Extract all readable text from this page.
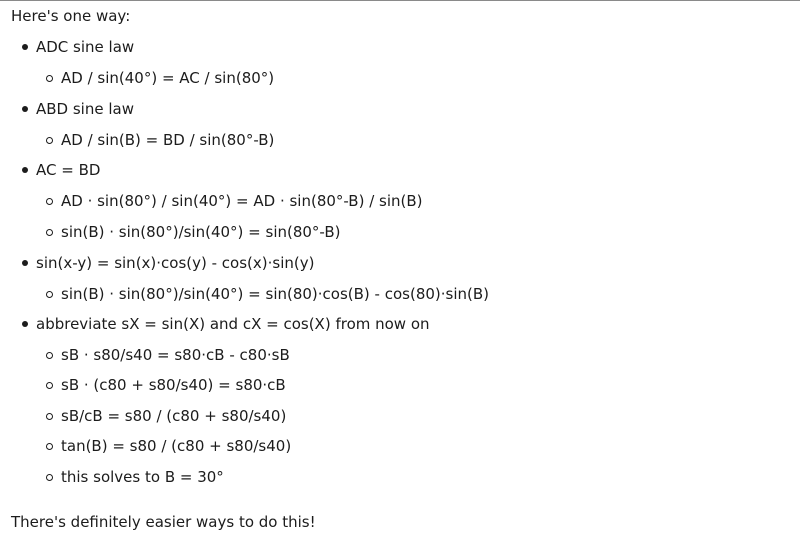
Here's one way:
ADC sine law
AD / sin(40°) = AC / sin(80°)
ABD sine law
AD / sin(B) = BD / sin(80°-B)
AC = BD
AD · sin(80°) / sin(40°) = AD · sin(80°-B) / sin(B)
sin(B) · sin(80°)/sin(40°) = sin(80°-B)
sin(x-y) = sin(x)·cos(y) - cos(x)·sin(y)
sin(B) · sin(80°)/sin(40°) = sin(80)·cos(B) - cos(80)·sin(B)
abbreviate sX = sin(X) and cX = cos(X) from now on
sB · s80/s40 = s80·cB - c80·sB
sB · (c80 + s80/s40) = s80·cB
sB/cB = s80 / (c80 + s80/s40)
tan(B) = s80 / (c80 + s80/s40)
this solves to B = 30°
There's definitely easier ways to do this!
